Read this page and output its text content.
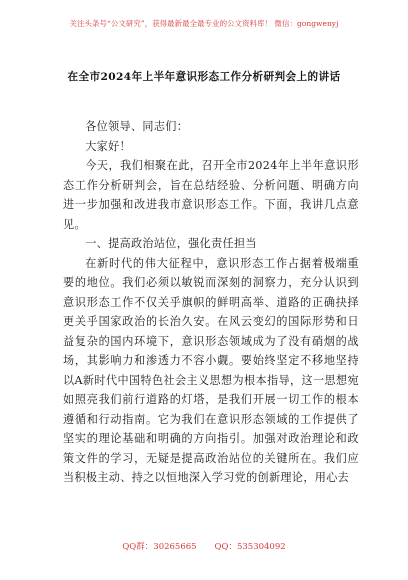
关注头条号“公文研究”，获得最新最全最专业的公文资料库！ 微信：gongwenyj
在全市2024年上半年意识形态工作分析研判会上的讲话

各位领导、同志们：

大家好！

今天，我们相聚在此，召开全市2024年上半年意识形态工作分析研判会，旨在总结经验、分析问题、明确方向进一步加强和改进我市意识形态工作。下面，我讲几点意见。

一、提高政治站位，强化责任担当

在新时代的伟大征程中，意识形态工作占据着极端重要的地位。我们必须以敏锐而深刻的洞察力，充分认识到意识形态工作不仅关乎旗帜的鲜明高举、道路的正确抉择更关乎国家政治的长治久安。在风云变幻的国际形势和日益复杂的国内环境下，意识形态领域成为了没有硝烟的战场，其影响力和渗透力不容小觑。要始终坚定不移地坚持以A新时代中国特色社会主义思想为根本指导，这一思想宛如照亮我们前行道路的灯塔，是我们开展一切工作的根本遵循和行动指南。它为我们在意识形态领域的工作提供了坚实的理论基础和明确的方向指引。加强对政治理论和政策文件的学习，无疑是提高政治站位的关键所在。我们应当积极主动、持之以恒地深入学习党的创新理论，用心去

QQ群：30265665 QQ：535304092
